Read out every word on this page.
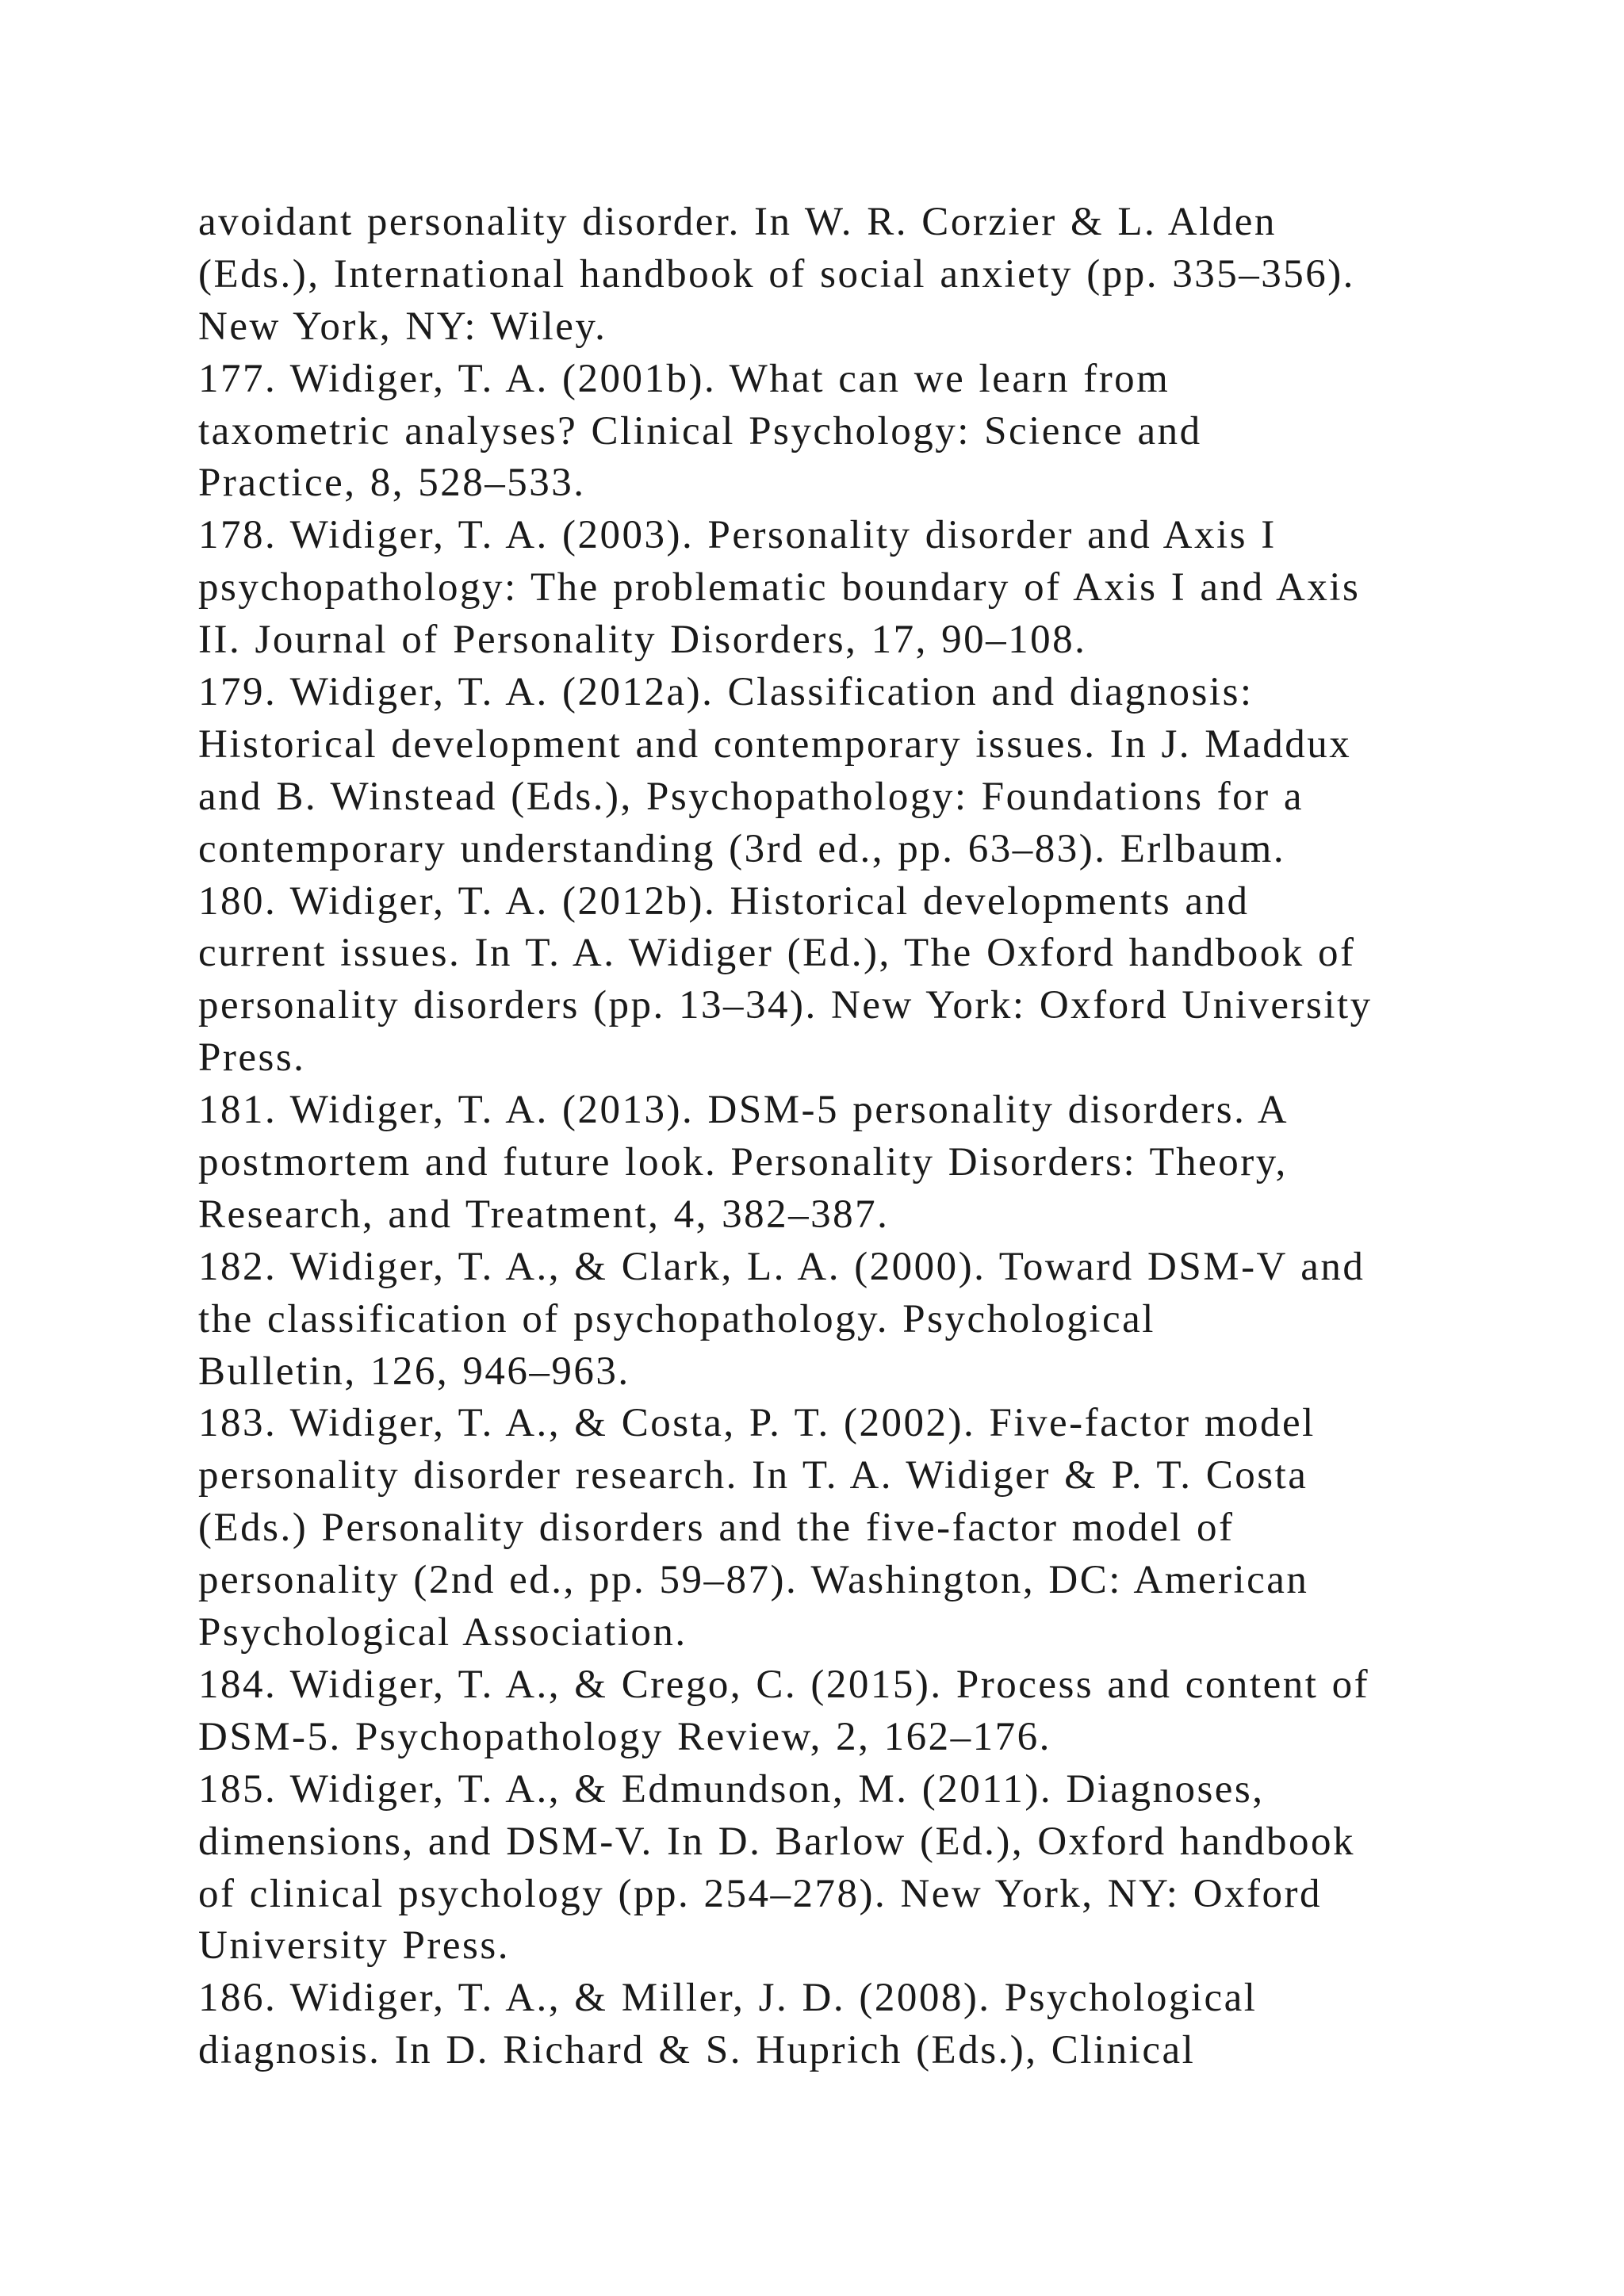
avoidant personality disorder. In W. R. Corzier & L. Alden
(Eds.), International handbook of social anxiety (pp. 335–356).
New York, NY: Wiley.
177. Widiger, T. A. (2001b). What can we learn from
taxometric analyses? Clinical Psychology: Science and
Practice, 8, 528–533.
178. Widiger, T. A. (2003). Personality disorder and Axis I
psychopathology: The problematic boundary of Axis I and Axis
II. Journal of Personality Disorders, 17, 90–108.
179. Widiger, T. A. (2012a). Classification and diagnosis:
Historical development and contemporary issues. In J. Maddux
and B. Winstead (Eds.), Psychopathology: Foundations for a
contemporary understanding (3rd ed., pp. 63–83). Erlbaum.
180. Widiger, T. A. (2012b). Historical developments and
current issues. In T. A. Widiger (Ed.), The Oxford handbook of
personality disorders (pp. 13–34). New York: Oxford University
Press.
181. Widiger, T. A. (2013). DSM-5 personality disorders. A
postmortem and future look. Personality Disorders: Theory,
Research, and Treatment, 4, 382–387.
182. Widiger, T. A., & Clark, L. A. (2000). Toward DSM-V and
the classification of psychopathology. Psychological
Bulletin, 126, 946–963.
183. Widiger, T. A., & Costa, P. T. (2002). Five-factor model
personality disorder research. In T. A. Widiger & P. T. Costa
(Eds.) Personality disorders and the five-factor model of
personality (2nd ed., pp. 59–87). Washington, DC: American
Psychological Association.
184. Widiger, T. A., & Crego, C. (2015). Process and content of
DSM-5. Psychopathology Review, 2, 162–176.
185. Widiger, T. A., & Edmundson, M. (2011). Diagnoses,
dimensions, and DSM-V. In D. Barlow (Ed.), Oxford handbook
of clinical psychology (pp. 254–278). New York, NY: Oxford
University Press.
186. Widiger, T. A., & Miller, J. D. (2008). Psychological
diagnosis. In D. Richard & S. Huprich (Eds.), Clinical
